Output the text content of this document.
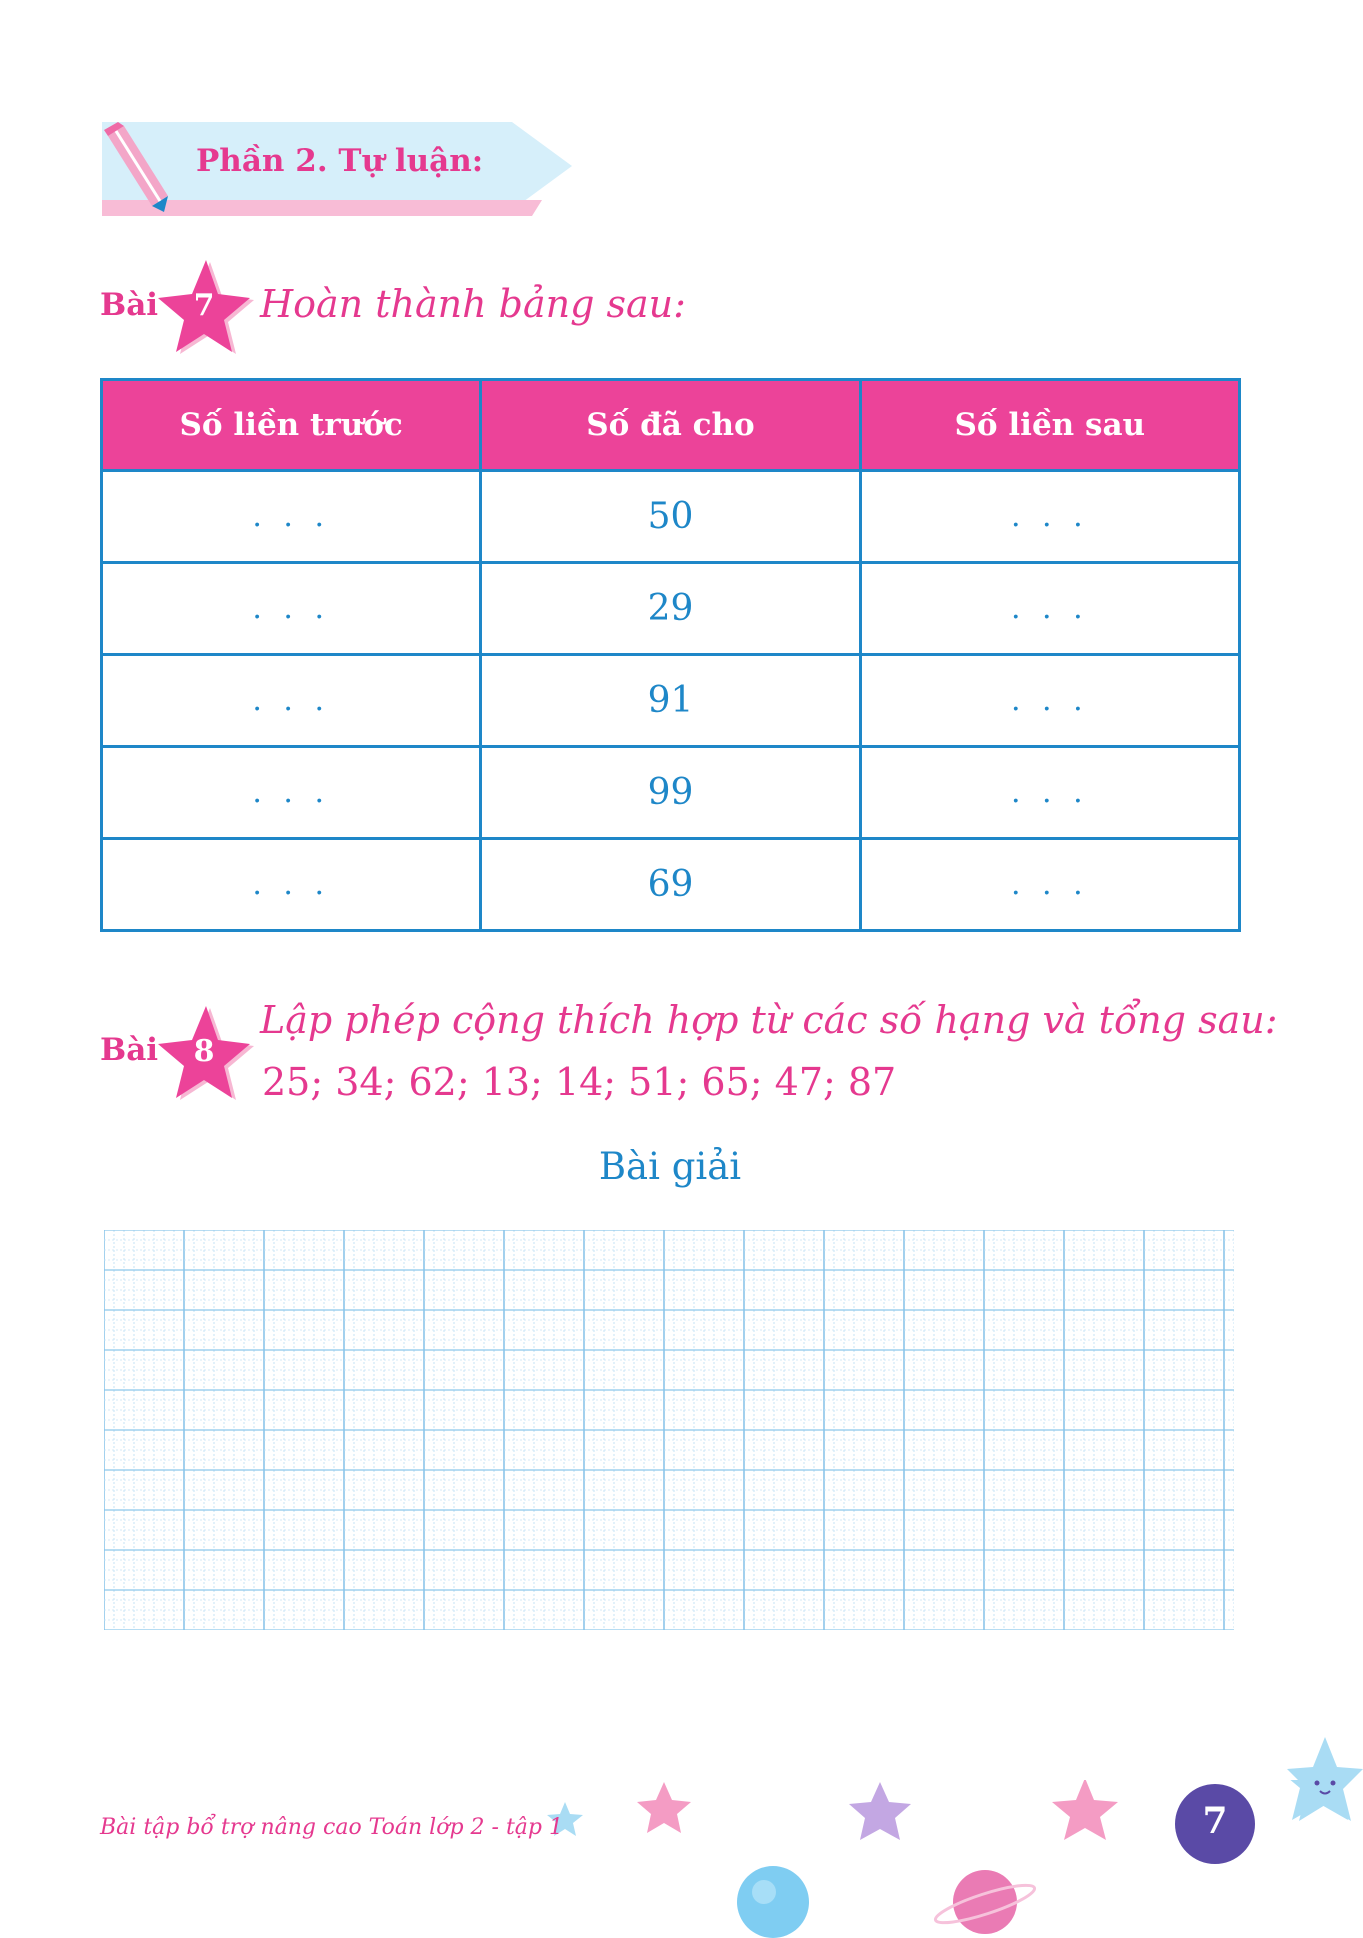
Phần 2. Tự luận:
Bài	7	Hoàn thành bảng sau:
Số liền trước	Số đã cho	Số liền sau
. . .	50	. . .
. . .	29	. . .
. . .	91	. . .
. . .	99	. . .
. . .	69	. . .
Bài	8
Lập phép cộng thích hợp từ các số hạng và tổng sau:
25; 34; 62; 13; 14; 51; 65; 47; 87
Bài giải
Bài tập bổ trợ nâng cao Toán lớp 2 - tập 1	7
